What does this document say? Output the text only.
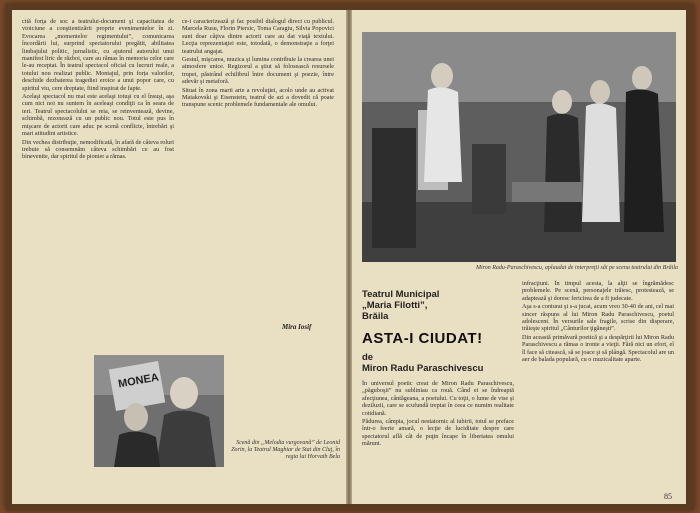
cită forţa de soc a teatrului-document şi capacitatea de vioiciune a conştientizării proprie evenimentelor în zi. Evocarea „momentelor regimentului”, comunicarea încordării lui, surprind spectatorului pregătit, abilitatea limbajului politic, jurnalistic, cu ajutorul autorului unui manifest liric de război, care au rămas în memoria celor care le-au receptat. În teatrul spectacol oficial cu lucruri reale, a totului nou realizat public. Montajul, prin forța valorilor, deschide dezbaterea tragediei eroice a unui popor care, cu spiritul viu, cere dreptate, fiind inspirat de fapte.

Acelaşi spectacol nu mai este acelaşi totuşi cu el însuşi, aşa cum nici noi nu suntem în aceleaşi condiţii ca în seara de ieri. Teatrul spectacolului se reia, se reinventează, devine, schimbă, rezonează cu un public nou. Totul este pus în mişcare de actorii care aduc pe scenă conflicte, întrebări şi mari atitudini artistice.

Din vechea distribuţie, nemodificată, în afară de câteva roluri trebuie să consemnăm câteva schimbări ce au fost binevenite, dar spiritul de pionier a rămas.

ce-i caracterizează şi fac posibil dialogul direct cu publicul. Marcela Rusu, Florin Piersic, Toma Caragiu, Silvia Popovici sunt doar câţiva dintre actorii care au dat viaţă textului. Lecţia reprezentaţiei este, totodată, o demonstraţie a forţei teatrului angajat.

Gestul, mişcarea, muzica şi lumina contribuie la crearea unei atmosfere unice. Regizorul a ştiut să folosească resursele trupei, păstrând echilibrul între document şi poezie, între adevăr şi metaforă.

Situat în zona marii arte a revoluţiei, acolo unde au activat Maiakovski şi Eisenstein, teatrul de azi a dovedit că poate transpune scenic problemele fundamentale ale omului.

Mira Iosif
MONEA
Scenă din „Melodia vurgovană” de Leonid Zorin, la Teatrul Maghiar de Stat din Cluj, în regia lui Horvath Bela
Miron Radu-Paraschivescu, aplaudat de interpreţii săi pe scena teatrului din Brăila
Teatrul Municipal
„Maria Filotti”,
Brăila
ASTA-I CIUDAT!
de
Miron Radu Paraschivescu

În universul poetic creat de Miron Radu Paraschivescu, „păguboşii” nu subliniau ca rouă. Când ei se îndreaptă afecţiunea, cântăgeana, a poetului. Cu toţii, o lume de vise şi deziluzii, care se scufundă treptat în ceea ce numim realitate cotidiană.

Pădurea, câmpia, jocul nestatornic al iubirii, totul se preface într-o feerie amară, o lecţie de luciditate despre care spectatorul află cât de puţin încape în libertatea omului mărunt.

infracţiuni. În timpul acesta, la alţii se îngrămădesc problemele. Pe scenă, personajele trăiesc, protestează, se adaptează şi doresc fericirea de a fi judecate.

Aşa s-a conturat şi s-a jucat, acum vreo 30-40 de ani, cel mai sincer răspuns al lui Miron Radu Paraschivescu, poetul adolescent. În versurile sale fragile, scrise din disperare, trăieşte spiritul „Cânturilor ţigăneşti”.

Din această primăvară poetică şi a despărţirii lui Miron Radu Paraschivescu a rămas o ironie a vieţii. Fără nici un efort, el îl face să citească, să se joace şi să plângă. Spectacolul are un aer de balada populară, cu o muzicalitate aparte.

85
